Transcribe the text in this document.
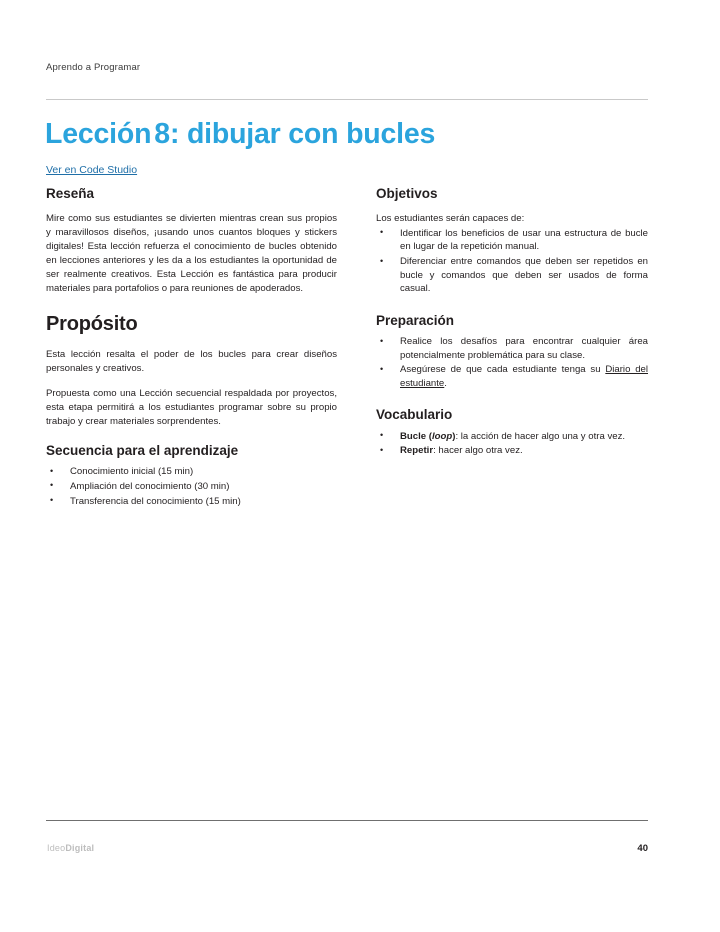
Aprendo a Programar
Lección 8: dibujar con bucles
Ver en Code Studio
Reseña

Mire como sus estudiantes se divierten mientras crean sus propios y maravillosos diseños, ¡usando unos cuantos bloques y stickers digitales! Esta lección refuerza el conocimiento de bucles obtenido en lecciones anteriores y les da a los estudiantes la oportunidad de ser realmente creativos. Esta Lección es fantástica para producir materiales para portafolios o para reuniones de apoderados.

Propósito

Esta lección resalta el poder de los bucles para crear diseños personales y creativos.

Propuesta como una Lección secuencial respaldada por proyectos, esta etapa permitirá a los estudiantes programar sobre su propio trabajo y crear materiales sorprendentes.

Secuencia para el aprendizaje
• Conocimiento inicial (15 min)
• Ampliación del conocimiento (30 min)
• Transferencia del conocimiento (15 min)
Objetivos

Los estudiantes serán capaces de:

• Identificar los beneficios de usar una estructura de bucle en lugar de la repetición manual.
• Diferenciar entre comandos que deben ser repetidos en bucle y comandos que deben ser usados de forma casual.
Preparación
• Realice los desafíos para encontrar cualquier área potencialmente problemática para su clase.
• Asegúrese de que cada estudiante tenga su Diario del estudiante.
Vocabulario
• Bucle (loop): la acción de hacer algo una y otra vez.
• Repetir: hacer algo otra vez.
IdeoDigital	40
